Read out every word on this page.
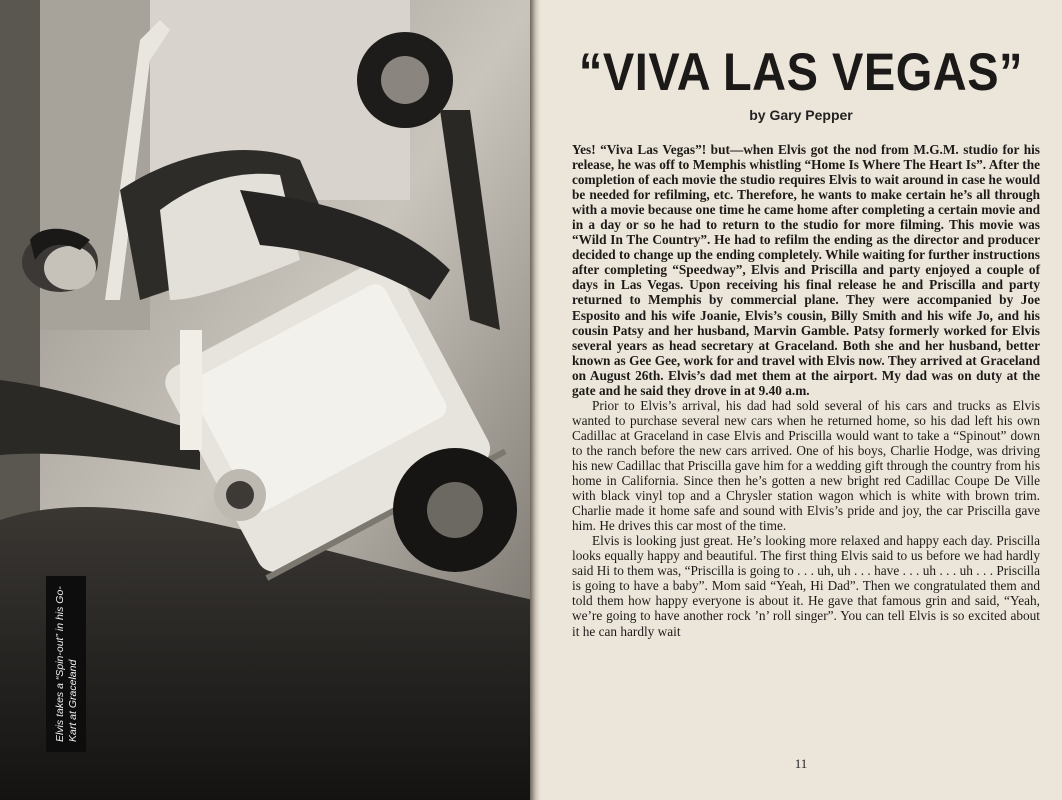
Elvis takes a “Spin-out” in his Go-Kart at Graceland
“VIVA LAS VEGAS”

by Gary Pepper

Yes! “Viva Las Vegas”! but—when Elvis got the nod from M.G.M. studio for his release, he was off to Memphis whistling “Home Is Where The Heart Is”. After the completion of each movie the studio requires Elvis to wait around in case he would be needed for refilming, etc. Therefore, he wants to make certain he’s all through with a movie because one time he came home after completing a certain movie and in a day or so he had to return to the studio for more filming. This movie was “Wild In The Country”. He had to refilm the ending as the director and producer decided to change up the ending completely. While waiting for further instructions after completing “Speedway”, Elvis and Priscilla and party enjoyed a couple of days in Las Vegas. Upon receiving his final release he and Priscilla and party returned to Memphis by commercial plane. They were accompanied by Joe Esposito and his wife Joanie, Elvis’s cousin, Billy Smith and his wife Jo, and his cousin Patsy and her husband, Marvin Gamble. Patsy formerly worked for Elvis several years as head secretary at Graceland. Both she and her husband, better known as Gee Gee, work for and travel with Elvis now. They arrived at Graceland on August 26th. Elvis’s dad met them at the airport. My dad was on duty at the gate and he said they drove in at 9.40 a.m.

Prior to Elvis’s arrival, his dad had sold several of his cars and trucks as Elvis wanted to purchase several new cars when he returned home, so his dad left his own Cadillac at Graceland in case Elvis and Priscilla would want to take a “Spinout” down to the ranch before the new cars arrived. One of his boys, Charlie Hodge, was driving his new Cadillac that Priscilla gave him for a wedding gift through the country from his home in California. Since then he’s gotten a new bright red Cadillac Coupe De Ville with black vinyl top and a Chrysler station wagon which is white with brown trim. Charlie made it home safe and sound with Elvis’s pride and joy, the car Priscilla gave him. He drives this car most of the time.

Elvis is looking just great. He’s looking more relaxed and happy each day. Priscilla looks equally happy and beautiful. The first thing Elvis said to us before we had hardly said Hi to them was, “Priscilla is going to . . . uh, uh . . . have . . . uh . . . uh . . . Priscilla is going to have a baby”. Mom said “Yeah, Hi Dad”. Then we congratulated them and told them how happy everyone is about it. He gave that famous grin and said, “Yeah, we’re going to have another rock ’n’ roll singer”. You can tell Elvis is so excited about it he can hardly wait

11
